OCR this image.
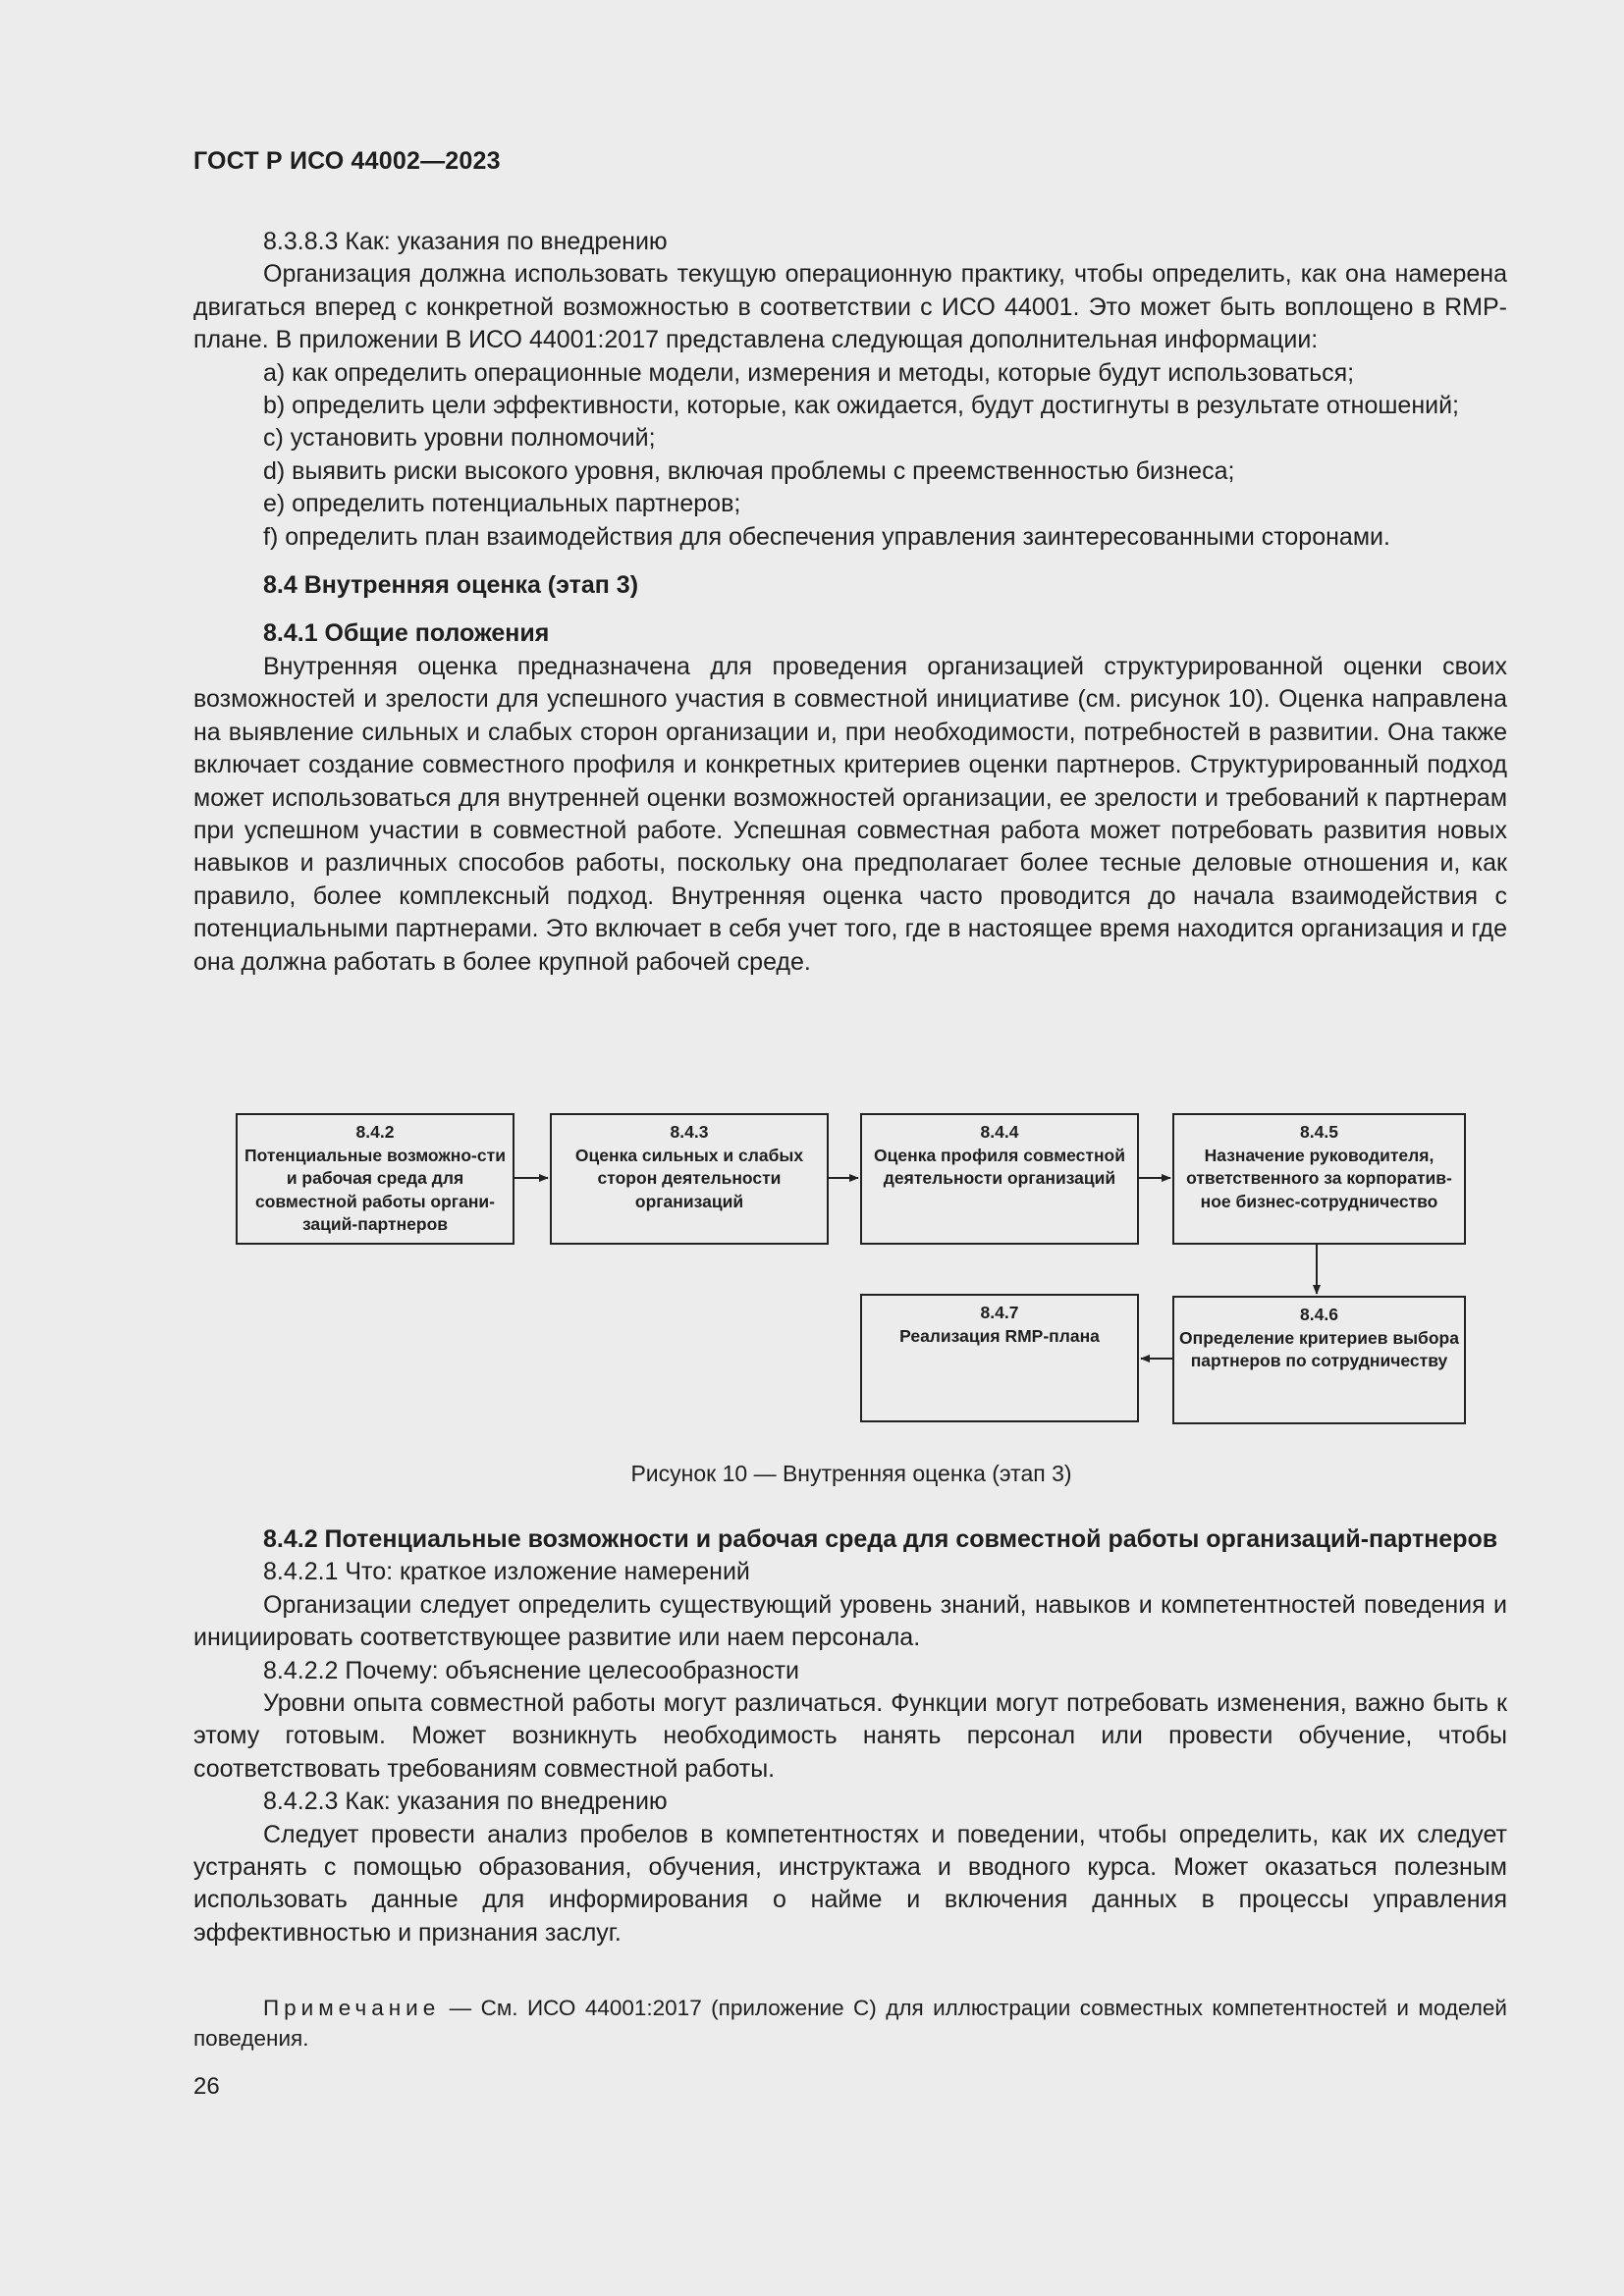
ГОСТ Р ИСО 44002—2023

8.3.8.3 Как: указания по внедрению

Организация должна использовать текущую операционную практику, чтобы определить, как она намерена двигаться вперед с конкретной возможностью в соответствии с ИСО 44001. Это может быть воплощено в RMP-плане. В приложении В ИСО 44001:2017 представлена следующая дополнительная информации:

a) как определить операционные модели, измерения и методы, которые будут использоваться;

b) определить цели эффективности, которые, как ожидается, будут достигнуты в результате отношений;

c) установить уровни полномочий;

d) выявить риски высокого уровня, включая проблемы с преемственностью бизнеса;

e) определить потенциальных партнеров;

f) определить план взаимодействия для обеспечения управления заинтересованными сторонами.

8.4 Внутренняя оценка (этап 3)
8.4.1 Общие положения

Внутренняя оценка предназначена для проведения организацией структурированной оценки своих возможностей и зрелости для успешного участия в совместной инициативе (см. рисунок 10). Оценка направлена на выявление сильных и слабых сторон организации и, при необходимости, потребностей в развитии. Она также включает создание совместного профиля и конкретных критериев оценки партнеров. Структурированный подход может использоваться для внутренней оценки возможностей организации, ее зрелости и требований к партнерам при успешном участии в совместной работе. Успешная совместная работа может потребовать развития новых навыков и различных способов работы, поскольку она предполагает более тесные деловые отношения и, как правило, более комплексный подход. Внутренняя оценка часто проводится до начала взаимодействия с потенциальными партнерами. Это включает в себя учет того, где в настоящее время находится организация и где она должна работать в более крупной рабочей среде.

8.4.2
Потенциальные возможно-сти и рабочая среда для совместной работы органи-заций-партнеров
8.4.3
Оценка сильных и слабых сторон деятельности организаций
8.4.4
Оценка профиля совместной деятельности организаций
8.4.5
Назначение руководителя, ответственного за корпоратив-ное бизнес-сотрудничество
8.4.6
Определение критериев выбора партнеров по сотрудничеству
8.4.7
Реализация RMP-плана
Рисунок 10 — Внутренняя оценка (этап 3)
8.4.2 Потенциальные возможности и рабочая среда для совместной работы организаций-партнеров

8.4.2.1 Что: краткое изложение намерений

Организации следует определить существующий уровень знаний, навыков и компетентностей поведения и инициировать соответствующее развитие или наем персонала.

8.4.2.2 Почему: объяснение целесообразности

Уровни опыта совместной работы могут различаться. Функции могут потребовать изменения, важно быть к этому готовым. Может возникнуть необходимость нанять персонал или провести обучение, чтобы соответствовать требованиям совместной работы.

8.4.2.3 Как: указания по внедрению

Следует провести анализ пробелов в компетентностях и поведении, чтобы определить, как их следует устранять с помощью образования, обучения, инструктажа и вводного курса. Может оказаться полезным использовать данные для информирования о найме и включения данных в процессы управления эффективностью и признания заслуг.

Примечание — См. ИСО 44001:2017 (приложение С) для иллюстрации совместных компетентностей и моделей поведения.
26
